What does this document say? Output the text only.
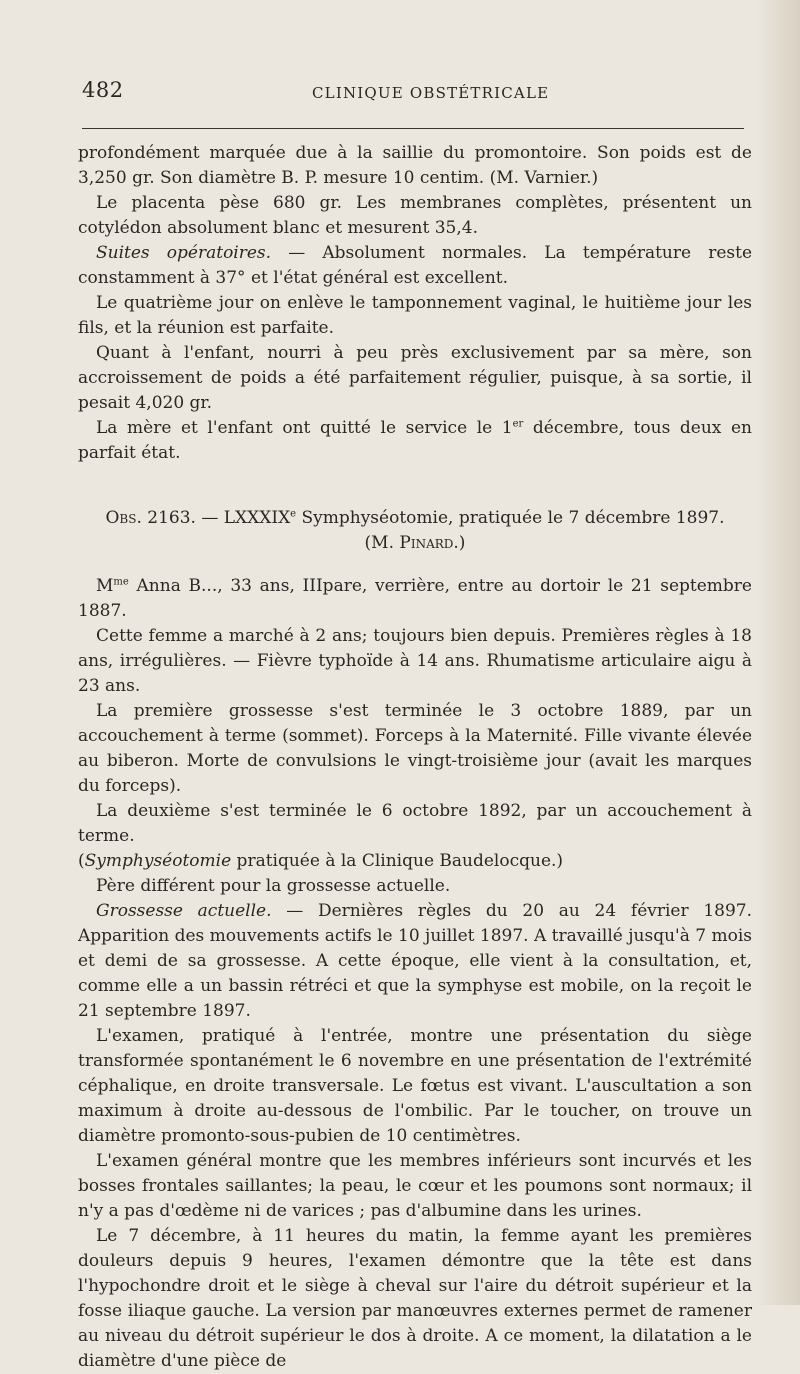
482	CLINIQUE OBSTÉTRICALE

profondément marquée due à la saillie du promontoire. Son poids est de 3,250 gr. Son diamètre B. P. mesure 10 centim. (M. Varnier.)

Le placenta pèse 680 gr. Les membranes complètes, présentent un cotylédon absolument blanc et mesurent 35,4.

Suites opératoires. — Absolument normales. La température reste constamment à 37° et l'état général est excellent.

Le quatrième jour on enlève le tamponnement vaginal, le huitième jour les fils, et la réunion est parfaite.

Quant à l'enfant, nourri à peu près exclusivement par sa mère, son accroissement de poids a été parfaitement régulier, puisque, à sa sortie, il pesait 4,020 gr.

La mère et l'enfant ont quitté le service le 1er décembre, tous deux en parfait état.

Obs. 2163. — LXXXIXe Symphyséotomie, pratiquée le 7 décembre 1897.

(M. Pinard.)

$M^{me}$ Anna B..., 33 ans, IIIpare, verrière, entre au dortoir le 21 septembre 1887.

Cette femme a marché à 2 ans; toujours bien depuis. Premières règles à 18 ans, irrégulières. — Fièvre typhoïde à 14 ans. Rhumatisme articulaire aigu à 23 ans.

La première grossesse s'est terminée le 3 octobre 1889, par un accouchement à terme (sommet). Forceps à la Maternité. Fille vivante élevée au biberon. Morte de convulsions le vingt-troisième jour (avait les marques du forceps).

La deuxième s'est terminée le 6 octobre 1892, par un accouchement à terme.

(Symphyséotomie pratiquée à la Clinique Baudelocque.)

Père différent pour la grossesse actuelle.

Grossesse actuelle. — Dernières règles du 20 au 24 février 1897. Apparition des mouvements actifs le 10 juillet 1897. A travaillé jusqu'à 7 mois et demi de sa grossesse. A cette époque, elle vient à la consultation, et, comme elle a un bassin rétréci et que la symphyse est mobile, on la reçoit le 21 septembre 1897.

L'examen, pratiqué à l'entrée, montre une présentation du siège transformée spontanément le 6 novembre en une présentation de l'extrémité céphalique, en droite transversale. Le fœtus est vivant. L'auscultation a son maximum à droite au-dessous de l'ombilic. Par le toucher, on trouve un diamètre promonto-sous-pubien de 10 centimètres.

L'examen général montre que les membres inférieurs sont incurvés et les bosses frontales saillantes; la peau, le cœur et les poumons sont normaux; il n'y a pas d'œdème ni de varices ; pas d'albumine dans les urines.

Le 7 décembre, à 11 heures du matin, la femme ayant les premières douleurs depuis 9 heures, l'examen démontre que la tête est dans l'hypochondre droit et le siège à cheval sur l'aire du détroit supérieur et la fosse iliaque gauche. La version par manœuvres externes permet de ramener au niveau du détroit supérieur le dos à droite. A ce moment, la dilatation a le diamètre d'une pièce de
